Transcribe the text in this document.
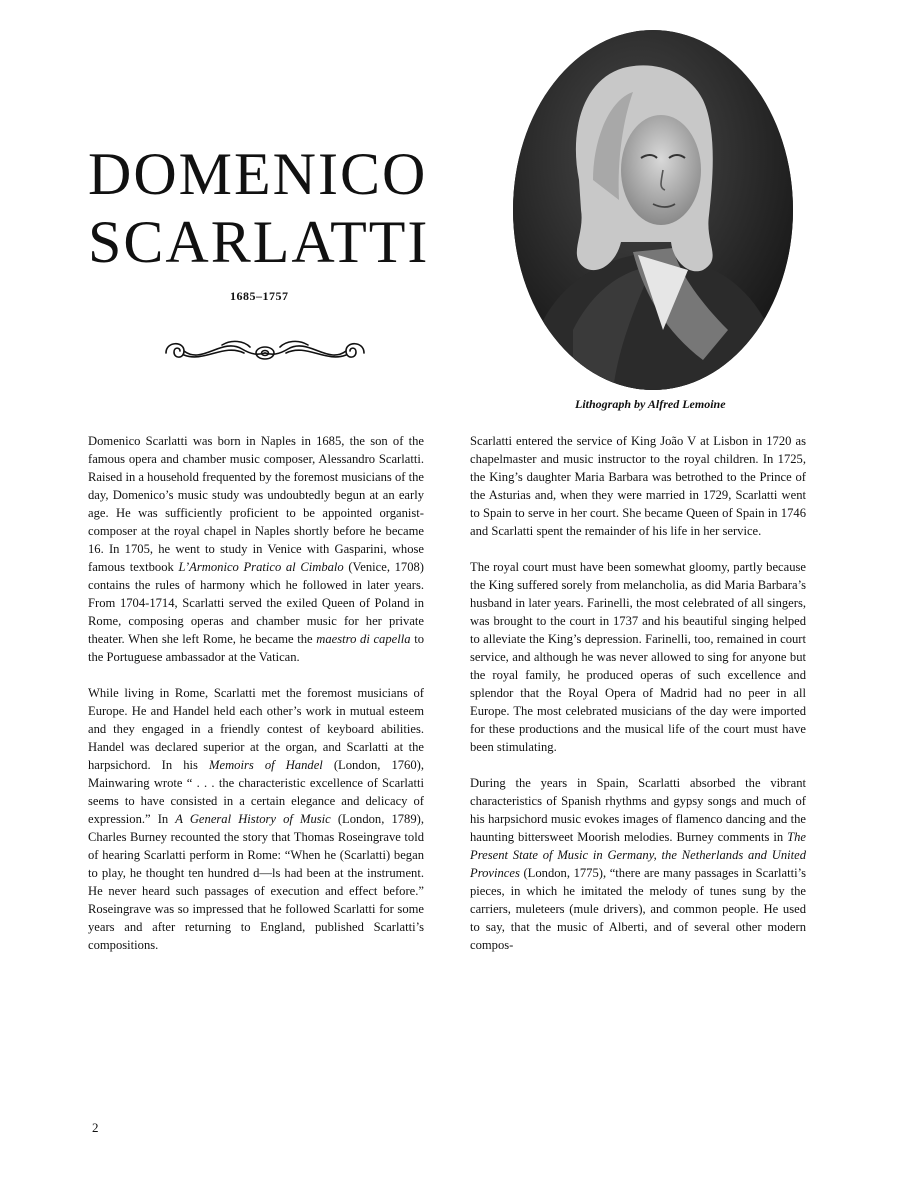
DOMENICO
SCARLATTI
1685–1757
Lithograph by Alfred Lemoine

Domenico Scarlatti was born in Naples in 1685, the son of the famous opera and chamber music composer, Alessandro Scarlatti. Raised in a household frequented by the foremost musicians of the day, Domenico’s music study was undoubtedly begun at an early age. He was sufficiently proficient to be appointed organist-composer at the royal chapel in Naples shortly before he became 16. In 1705, he went to study in Venice with Gasparini, whose famous textbook L’Armonico Pratico al Cimbalo (Venice, 1708) contains the rules of harmony which he followed in later years. From 1704-1714, Scarlatti served the exiled Queen of Poland in Rome, composing operas and chamber music for her private theater. When she left Rome, he became the maestro di capella to the Portuguese ambassador at the Vatican.

While living in Rome, Scarlatti met the foremost musicians of Europe. He and Handel held each other’s work in mutual esteem and they engaged in a friendly contest of keyboard abilities. Handel was declared superior at the organ, and Scarlatti at the harpsichord. In his Memoirs of Handel (London, 1760), Mainwaring wrote “ . . . the characteristic excellence of Scarlatti seems to have consisted in a certain elegance and delicacy of expression.” In A General History of Music (London, 1789), Charles Burney recounted the story that Thomas Roseingrave told of hearing Scarlatti perform in Rome: “When he (Scarlatti) began to play, he thought ten hundred d—ls had been at the instrument. He never heard such passages of execution and effect before.” Roseingrave was so impressed that he followed Scarlatti for some years and after returning to England, published Scarlatti’s compositions.

Scarlatti entered the service of King João V at Lisbon in 1720 as chapelmaster and music instructor to the royal children. In 1725, the King’s daughter Maria Barbara was betrothed to the Prince of the Asturias and, when they were married in 1729, Scarlatti went to Spain to serve in her court. She became Queen of Spain in 1746 and Scarlatti spent the remainder of his life in her service.

The royal court must have been somewhat gloomy, partly because the King suffered sorely from melancholia, as did Maria Barbara’s husband in later years. Farinelli, the most celebrated of all singers, was brought to the court in 1737 and his beautiful singing helped to alleviate the King’s depression. Farinelli, too, remained in court service, and although he was never allowed to sing for anyone but the royal family, he produced operas of such excellence and splendor that the Royal Opera of Madrid had no peer in all Europe. The most celebrated musicians of the day were imported for these productions and the musical life of the court must have been stimulating.

During the years in Spain, Scarlatti absorbed the vibrant characteristics of Spanish rhythms and gypsy songs and much of his harpsichord music evokes images of flamenco dancing and the haunting bittersweet Moorish melodies. Burney comments in The Present State of Music in Germany, the Netherlands and United Provinces (London, 1775), “there are many passages in Scarlatti’s pieces, in which he imitated the melody of tunes sung by the carriers, muleteers (mule drivers), and common people. He used to say, that the music of Alberti, and of several other modern compos-

2
